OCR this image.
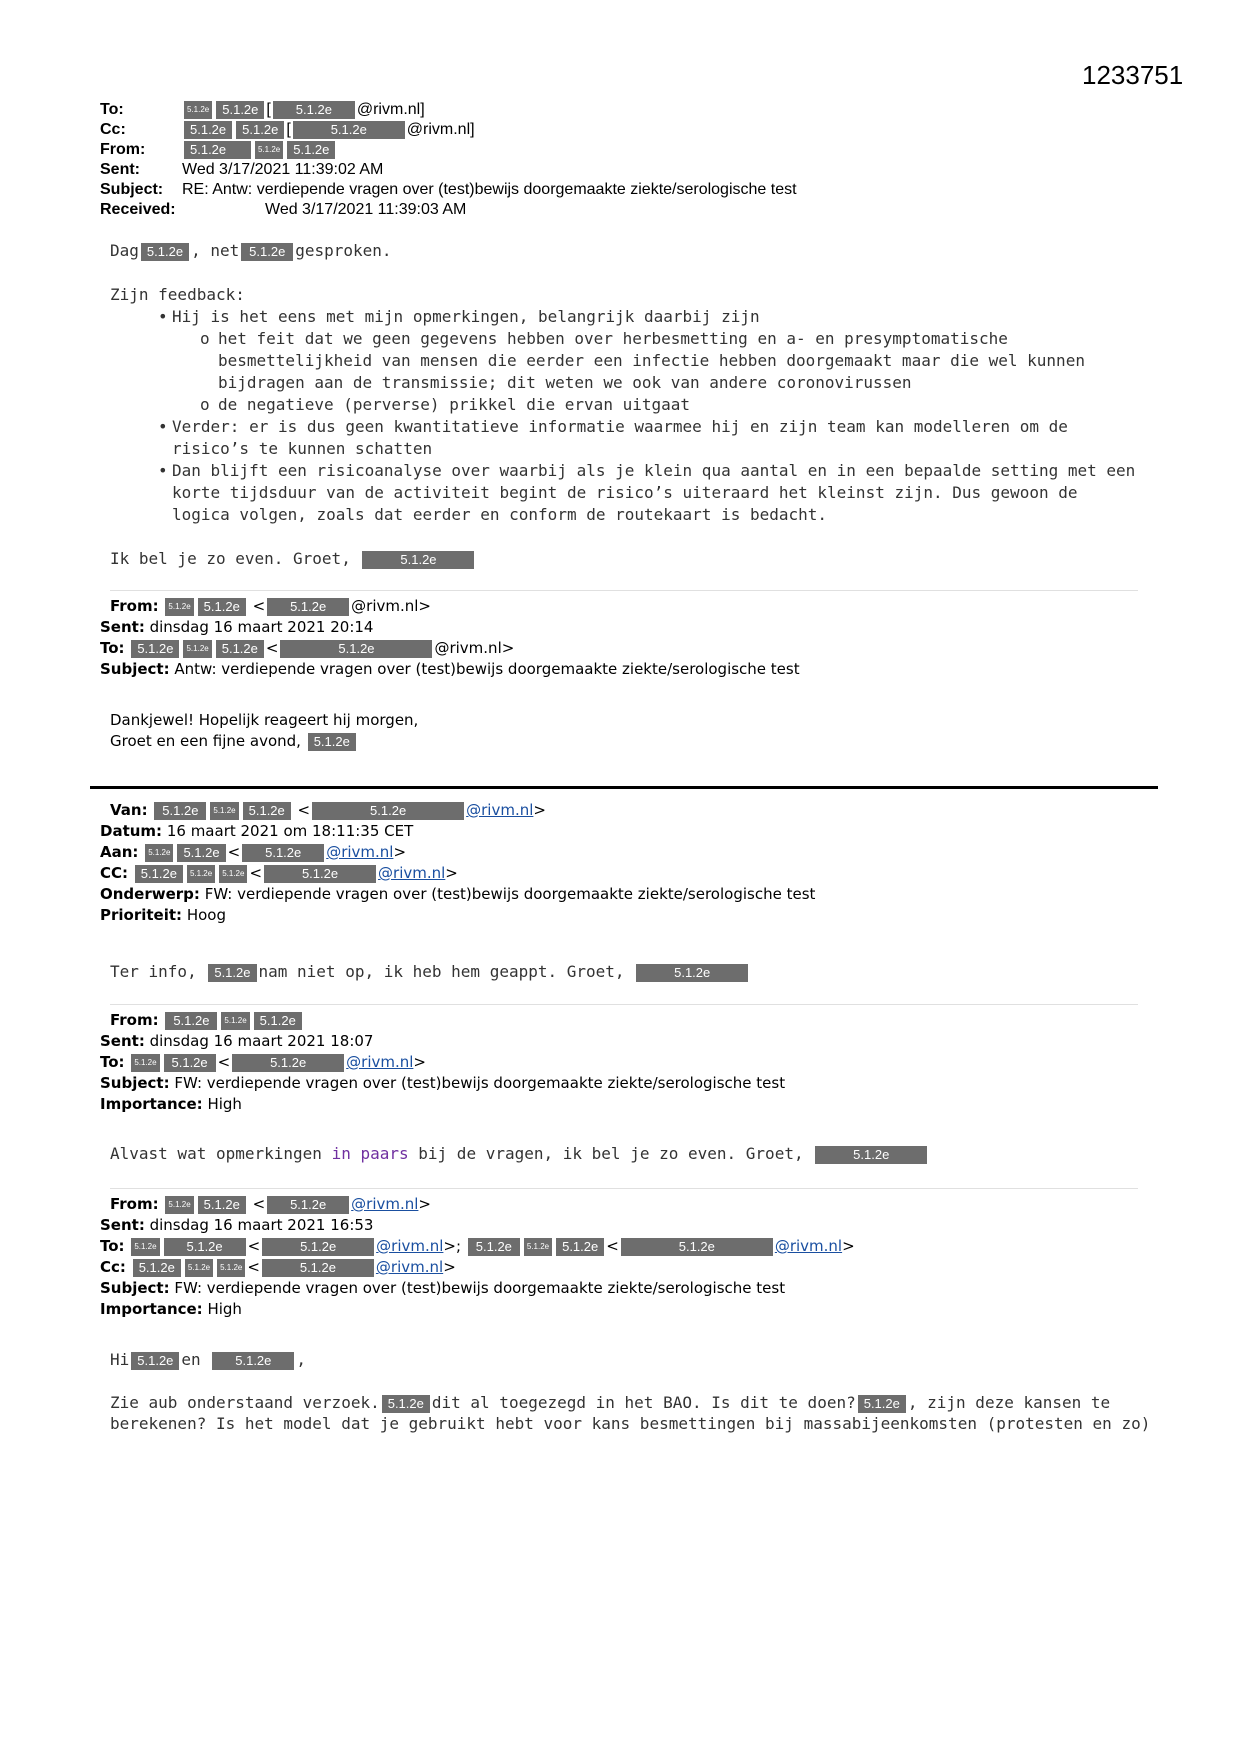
1233751
To:	5.1.2e	5.1.2e [	5.1.2e	@rivm.nl]
Cc:	5.1.2e	5.1.2e [	5.1.2e	@rivm.nl]
From:	5.1.2e	5.1.2e	5.1.2e
Sent:	Wed 3/17/2021 11:39:02 AM
Subject:	RE: Antw: verdiepende vragen over (test)bewijs doorgemaakte ziekte/serologische test
Received:	Wed 3/17/2021 11:39:03 AM

Dag 5.1.2e , net 5.1.2e gesproken.

Zijn feedback:

• Hij is het eens met mijn opmerkingen, belangrijk daarbij zijn
o het feit dat we geen gegevens hebben over herbesmetting en a- en presymptomatische besmettelijkheid van mensen die eerder een infectie hebben doorgemaakt maar die wel kunnen bijdragen aan de transmissie; dit weten we ook van andere coronovirussen
o de negatieve (perverse) prikkel die ervan uitgaat
• Verder: er is dus geen kwantitatieve informatie waarmee hij en zijn team kan modelleren om de risico’s te kunnen schatten
• Dan blijft een risicoanalyse over waarbij als je klein qua aantal en in een bepaalde setting met een korte tijdsduur van de activiteit begint de risico’s uiteraard het kleinst zijn. Dus gewoon de logica volgen, zoals dat eerder en conform de routekaart is bedacht.

Ik bel je zo even. Groet,	5.1.2e

From:
	5.1.2e	5.1.2e <	5.1.2e	@rivm.nl>
Sent:
dinsdag 16 maart 2021 20:14
To:
5.1.2e	5.1.2e	5.1.2e <	5.1.2e	@rivm.nl>
Subject:
Antw: verdiepende vragen over (test)bewijs doorgemaakte ziekte/serologische test
Dankjewel! Hopelijk reageert hij morgen,
Groet en een fijne avond,
5.1.2e
Van:
	5.1.2e	5.1.2e	5.1.2e <	5.1.2e	@rivm.nl >
Datum:
16 maart 2021 om 18:11:35 CET
Aan:
	5.1.2e	5.1.2e <	5.1.2e	@rivm.nl >
CC:
5.1.2e	5.1.2e	5.1.2e <	5.1.2e	@rivm.nl >
Onderwerp:
FW: verdiepende vragen over (test)bewijs doorgemaakte ziekte/serologische test
Prioriteit:
Hoog
Ter info, 5.1.2e nam niet op, ik heb hem geappt. Groet,	5.1.2e
From:
	5.1.2e	5.1.2e	5.1.2e
Sent:
dinsdag 16 maart 2021 18:07
To:
	5.1.2e	5.1.2e <	5.1.2e	@rivm.nl >
Subject:
FW: verdiepende vragen over (test)bewijs doorgemaakte ziekte/serologische test
Importance:
High
Alvast wat opmerkingen in paars bij de vragen, ik bel je zo even. Groet,	5.1.2e
From:
	5.1.2e	5.1.2e <	5.1.2e	@rivm.nl >
Sent:
dinsdag 16 maart 2021 16:53
To:
	5.1.2e	5.1.2e	<	5.1.2e	@rivm.nl > ;
	5.1.2e	5.1.2e	5.1.2e <	5.1.2e	@rivm.nl >
Cc:
5.1.2e	5.1.2e	5.1.2e <	5.1.2e	@rivm.nl >
Subject:
FW: verdiepende vragen over (test)bewijs doorgemaakte ziekte/serologische test
Importance:
High
Hi 5.1.2e en	5.1.2e ,
Zie aub onderstaand verzoek. 5.1.2e dit al toegezegd in het BAO. Is dit te doen? 5.1.2e , zijn deze kansen te
berekenen? Is het model dat je gebruikt hebt voor kans besmettingen bij massabijeenkomsten (protesten en zo)
